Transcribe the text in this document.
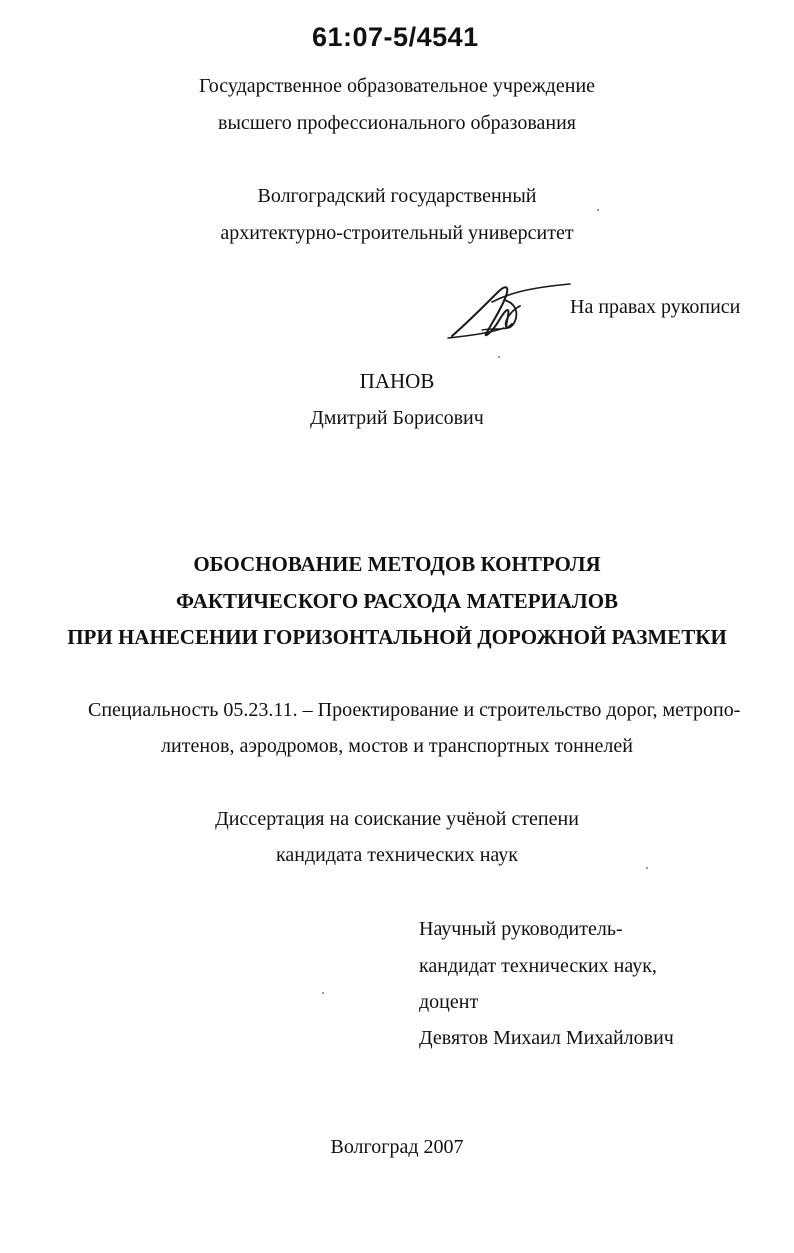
61:07-5/4541
Государственное образовательное учреждение
высшего профессионального образования
Волгоградский государственный
архитектурно-строительный университет
На правах рукописи
ПАНОВ
Дмитрий Борисович
ОБОСНОВАНИЕ МЕТОДОВ КОНТРОЛЯ
ФАКТИЧЕСКОГО РАСХОДА МАТЕРИАЛОВ
ПРИ НАНЕСЕНИИ ГОРИЗОНТАЛЬНОЙ ДОРОЖНОЙ РАЗМЕТКИ
Специальность 05.23.11. – Проектирование и строительство дорог, метропо-
литенов, аэродромов, мостов и транспортных тоннелей
Диссертация на соискание учёной степени
кандидата технических наук
Научный руководитель-
кандидат технических наук,
доцент
Девятов Михаил Михайлович
Волгоград 2007
